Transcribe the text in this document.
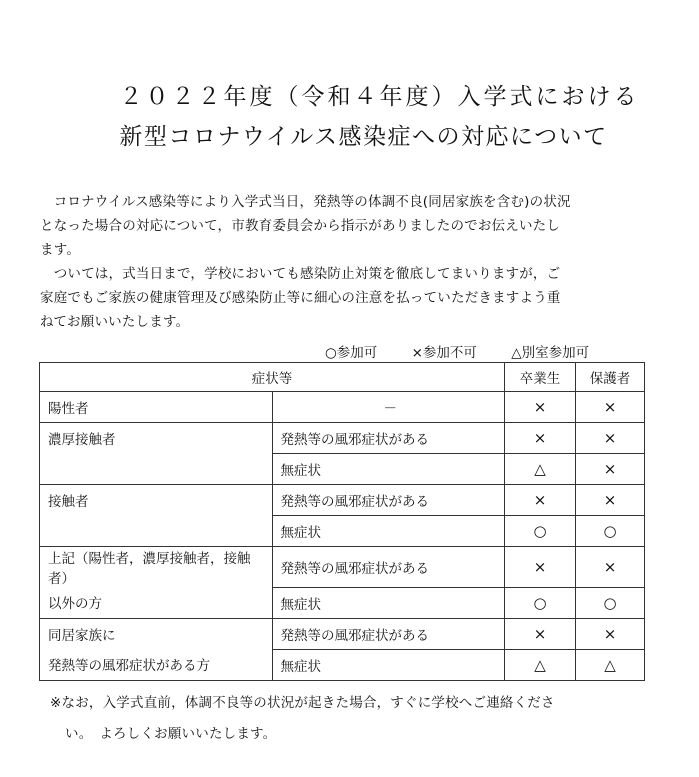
２０２２年度（令和４年度）入学式における
新型コロナウイルス感染症への対応について
　コロナウイルス感染等により入学式当日，発熱等の体調不良(同居家族を含む)の状況
となった場合の対応について，市教育委員会から指示がありましたのでお伝えいたし
ます。
　ついては，式当日まで，学校においても感染防止対策を徹底してまいりますが，ご
家庭でもご家族の健康管理及び感染防止等に細心の注意を払っていただきますよう重
ねてお願いいたします。
○参加可	×参加不可	△別室参加可
症状等		卒業生	保護者
陽性者	－	×	×
濃厚接触者	発熱等の風邪症状がある	×	×
	無症状	△	×
接触者	発熱等の風邪症状がある	×	×
	無症状	○	○
上記（陽性者，濃厚接触者，接触者）	発熱等の風邪症状がある	×	×
以外の方	無症状	○	○
同居家族に	発熱等の風邪症状がある	×	×
発熱等の風邪症状がある方	無症状	△	△
※なお，入学式直前，体調不良等の状況が起きた場合，すぐに学校へご連絡くださ
い。　よろしくお願いいたします。
